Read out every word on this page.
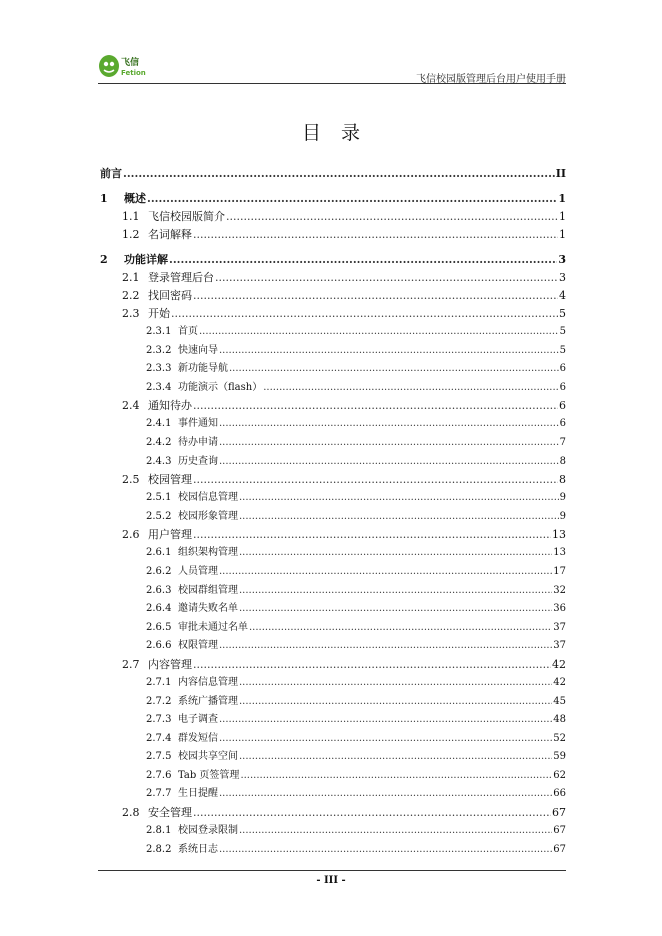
飞信
Fetion
飞信校园版管理后台用户使用手册
目录
前言 .....	II
1 概述 .....	1
1.1 飞信校园版简介 .....	1
1.2 名词解释 .....	1
2 功能详解 .....	3
2.1 登录管理后台 .....	3
2.2 找回密码 .....	4
2.3 开始 .....	5
2.3.1 首页 .....	5
2.3.2 快速向导 .....	5
2.3.3 新功能导航 .....	6
2.3.4 功能演示（flash） .....	6
2.4 通知待办 .....	6
2.4.1 事件通知 .....	6
2.4.2 待办申请 .....	7
2.4.3 历史查询 .....	8
2.5 校园管理 .....	8
2.5.1 校园信息管理 .....	9
2.5.2 校园形象管理 .....	9
2.6 用户管理 .....	13
2.6.1 组织架构管理 .....	13
2.6.2 人员管理 .....	17
2.6.3 校园群组管理 .....	32
2.6.4 邀请失败名单 .....	36
2.6.5 审批未通过名单 .....	37
2.6.6 权限管理 .....	37
2.7 内容管理 .....	42
2.7.1 内容信息管理 .....	42
2.7.2 系统广播管理 .....	45
2.7.3 电子调查 .....	48
2.7.4 群发短信 .....	52
2.7.5 校园共享空间 .....	59
2.7.6 Tab 页签管理 .....	62
2.7.7 生日提醒 .....	66
2.8 安全管理 .....	67
2.8.1 校园登录限制 .....	67
2.8.2 系统日志 .....	67
- III -
